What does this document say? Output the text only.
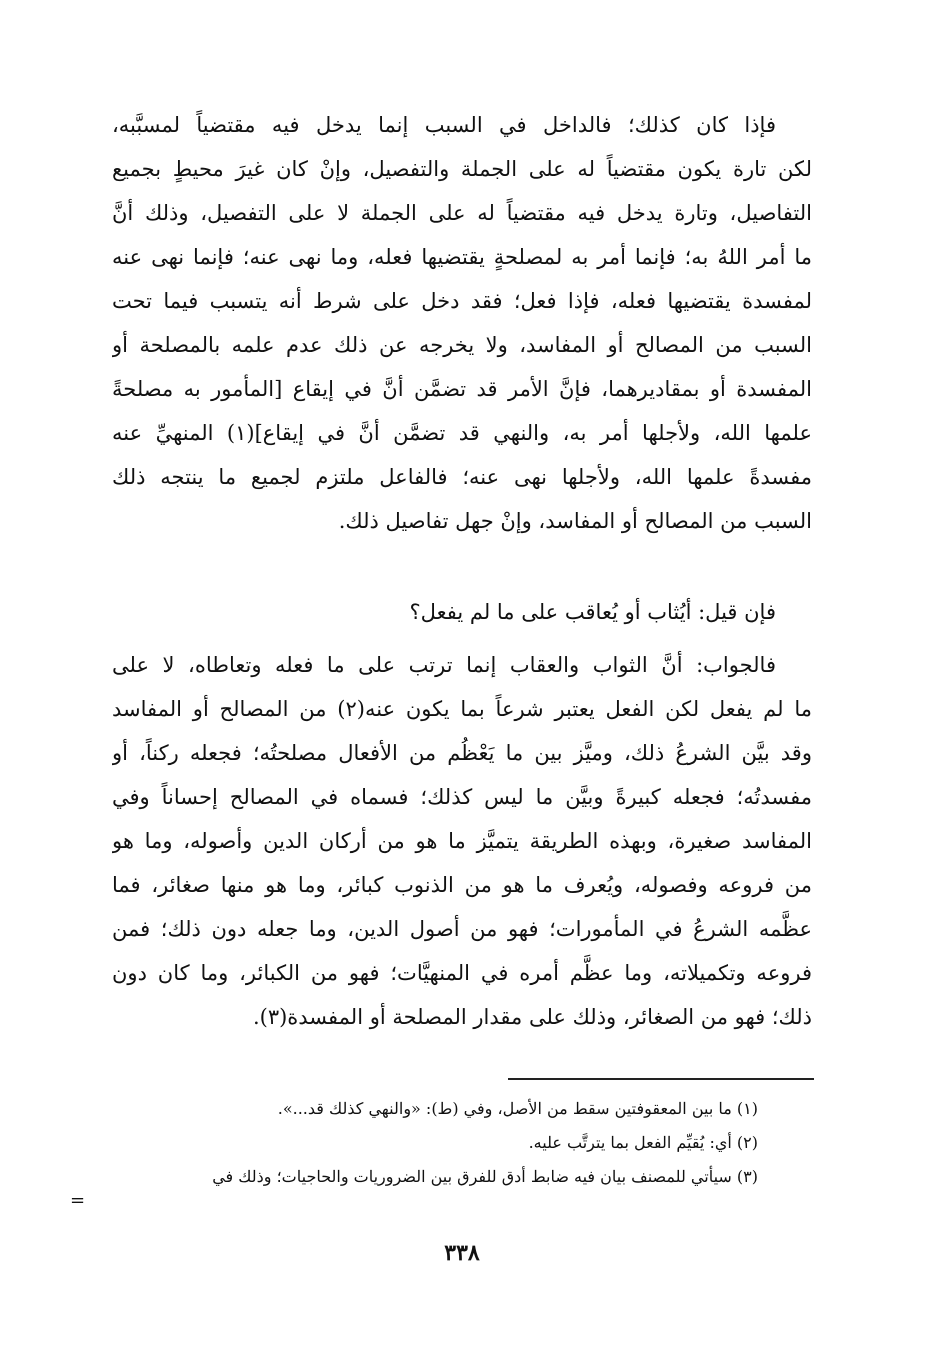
فإذا كان كذلك؛ فالداخل في السبب إنما يدخل فيه مقتضياً لمسبَّبه،
لكن تارة يكون مقتضياً له على الجملة والتفصيل، وإنْ كان غيرَ محيطٍ بجميع
التفاصيل، وتارة يدخل فيه مقتضياً له على الجملة لا على التفصيل، وذلك أنَّ
ما أمر اللهُ به؛ فإنما أمر به لمصلحةٍ يقتضيها فعله، وما نهى عنه؛ فإنما نهى عنه
لمفسدة يقتضيها فعله، فإذا فعل؛ فقد دخل على شرط أنه يتسبب فيما تحت
السبب من المصالح أو المفاسد، ولا يخرجه عن ذلك عدم علمه بالمصلحة أو
المفسدة أو بمقاديرهما، فإنَّ الأمر قد تضمَّن أنَّ في إيقاع [المأمور به مصلحةً
علمها الله، ولأجلها أمر به، والنهي قد تضمَّن أنَّ في إيقاع](١) المنهيِّ عنه
مفسدةً علمها الله، ولأجلها نهى عنه؛ فالفاعل ملتزم لجميع ما ينتجه ذلك
السبب من المصالح أو المفاسد، وإنْ جهل تفاصيل ذلك.
فإن قيل: أيُثاب أو يُعاقب على ما لم يفعل؟
فالجواب: أنَّ الثواب والعقاب إنما ترتب على ما فعله وتعاطاه، لا على
ما لم يفعل لكن الفعل يعتبر شرعاً بما يكون عنه(٢) من المصالح أو المفاسد
وقد بيَّن الشرعُ ذلك، وميَّز بين ما يَعْظُم من الأفعال مصلحتُه؛ فجعله ركناً، أو
مفسدتُه؛ فجعله كبيرةً وبيَّن ما ليس كذلك؛ فسماه في المصالح إحساناً وفي
المفاسد صغيرة، وبهذه الطريقة يتميَّز ما هو من أركان الدين وأصوله، وما هو
من فروعه وفصوله، ويُعرف ما هو من الذنوب كبائر، وما هو منها صغائر، فما
عظَّمه الشرعُ في المأمورات؛ فهو من أصول الدين، وما جعله دون ذلك؛ فمن
فروعه وتكميلاته، وما عظَّم أمره في المنهيَّات؛ فهو من الكبائر، وما كان دون
ذلك؛ فهو من الصغائر، وذلك على مقدار المصلحة أو المفسدة(٣).
(١) ما بين المعقوفتين سقط من الأصل، وفي (ط): «والنهي كذلك قد...».
(٢) أي: يُقيِّم الفعل بما يترتَّب عليه.
(٣) سيأتي للمصنف بيان فيه ضابط أدق للفرق بين الضروريات والحاجيات؛ وذلك في
=
٣٣٨
